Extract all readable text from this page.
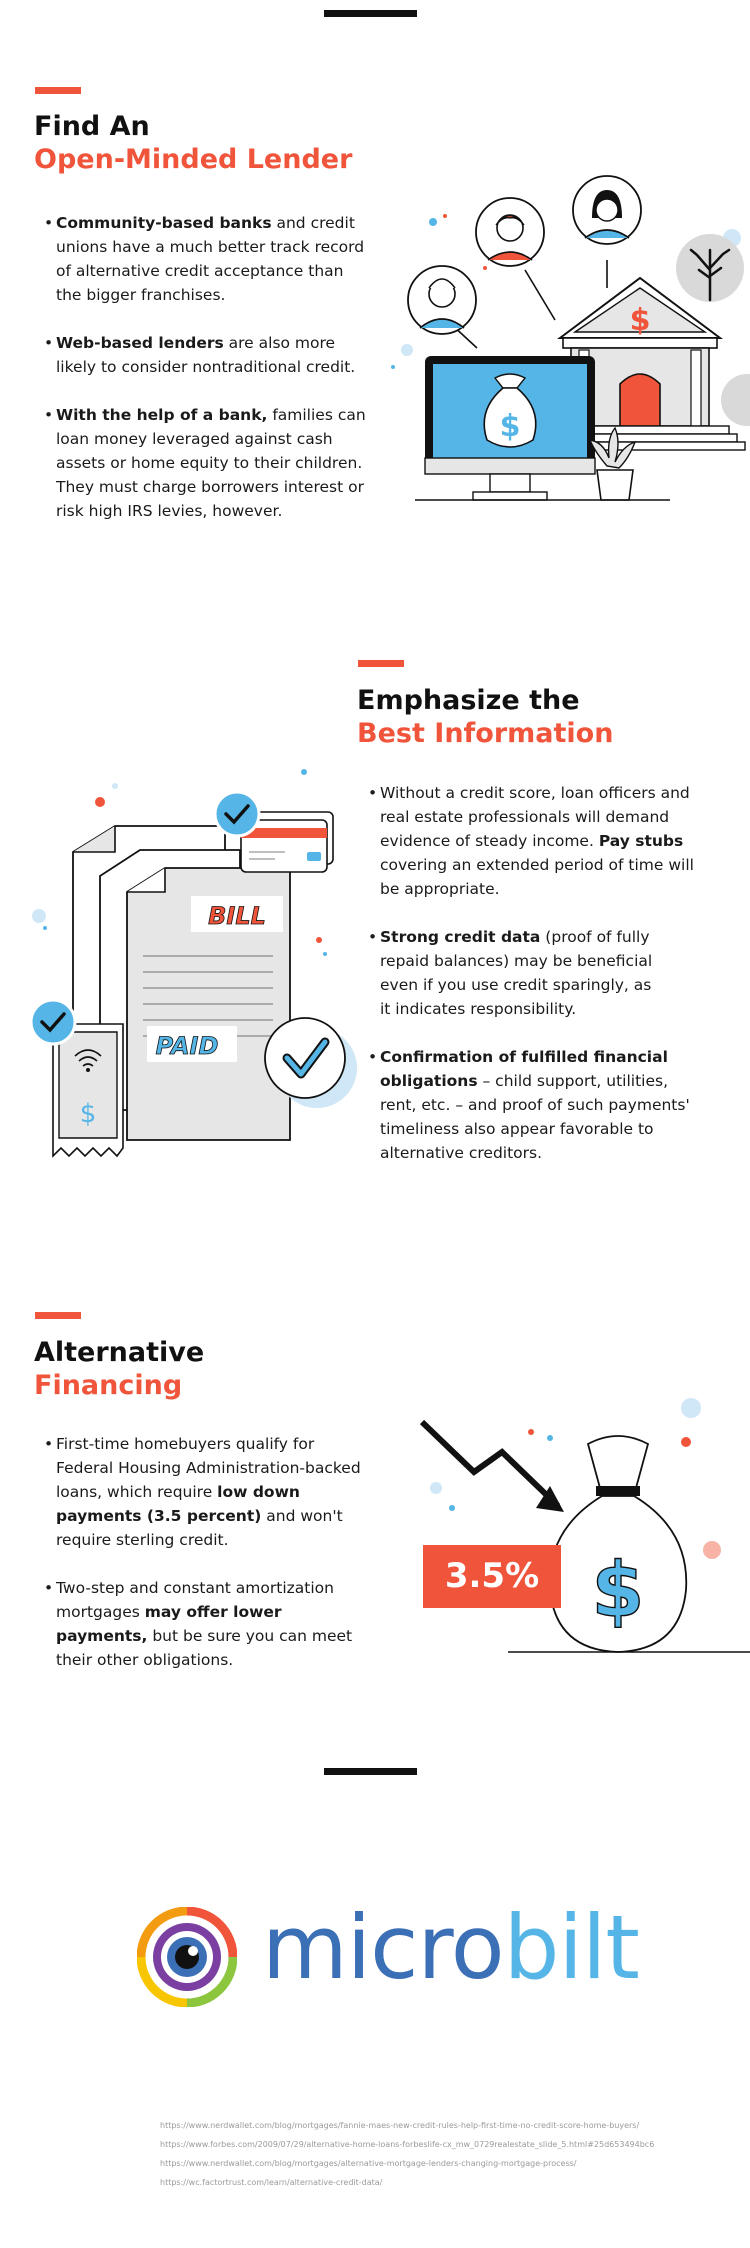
Find An
Open-Minded Lender
• Community-based banks and credit unions have a much better track record of alternative credit acceptance than the bigger franchises.
• Web-based lenders are also more likely to consider nontraditional credit.
• With the help of a bank, families can loan money leveraged against cash assets or home equity to their children. They must charge borrowers interest or risk high IRS levies, however.
$
$
Emphasize the
Best Information
• Without a credit score, loan officers and real estate professionals will demand evidence of steady income. Pay stubs covering an extended period of time will be appropriate.
• Strong credit data (proof of fully repaid balances) may be beneficial even if you use credit sparingly, as it indicates responsibility.
• Confirmation of fulfilled financial obligations – child support, utilities, rent, etc. – and proof of such payments' timeliness also appear favorable to alternative creditors.
BILL
PAID
$
Alternative
Financing
• First-time homebuyers qualify for Federal Housing Administration-backed loans, which require low down payments (3.5 percent) and won't require sterling credit.
• Two-step and constant amortization mortgages may offer lower payments, but be sure you can meet their other obligations.
$
3.5%
microbilt
https://www.nerdwallet.com/blog/mortgages/fannie-maes-new-credit-rules-help-first-time-no-credit-score-home-buyers/
https://www.forbes.com/2009/07/29/alternative-home-loans-forbeslife-cx_mw_0729realestate_slide_5.html#25d653494bc6
https://www.nerdwallet.com/blog/mortgages/alternative-mortgage-lenders-changing-mortgage-process/
https://wc.factortrust.com/learn/alternative-credit-data/
